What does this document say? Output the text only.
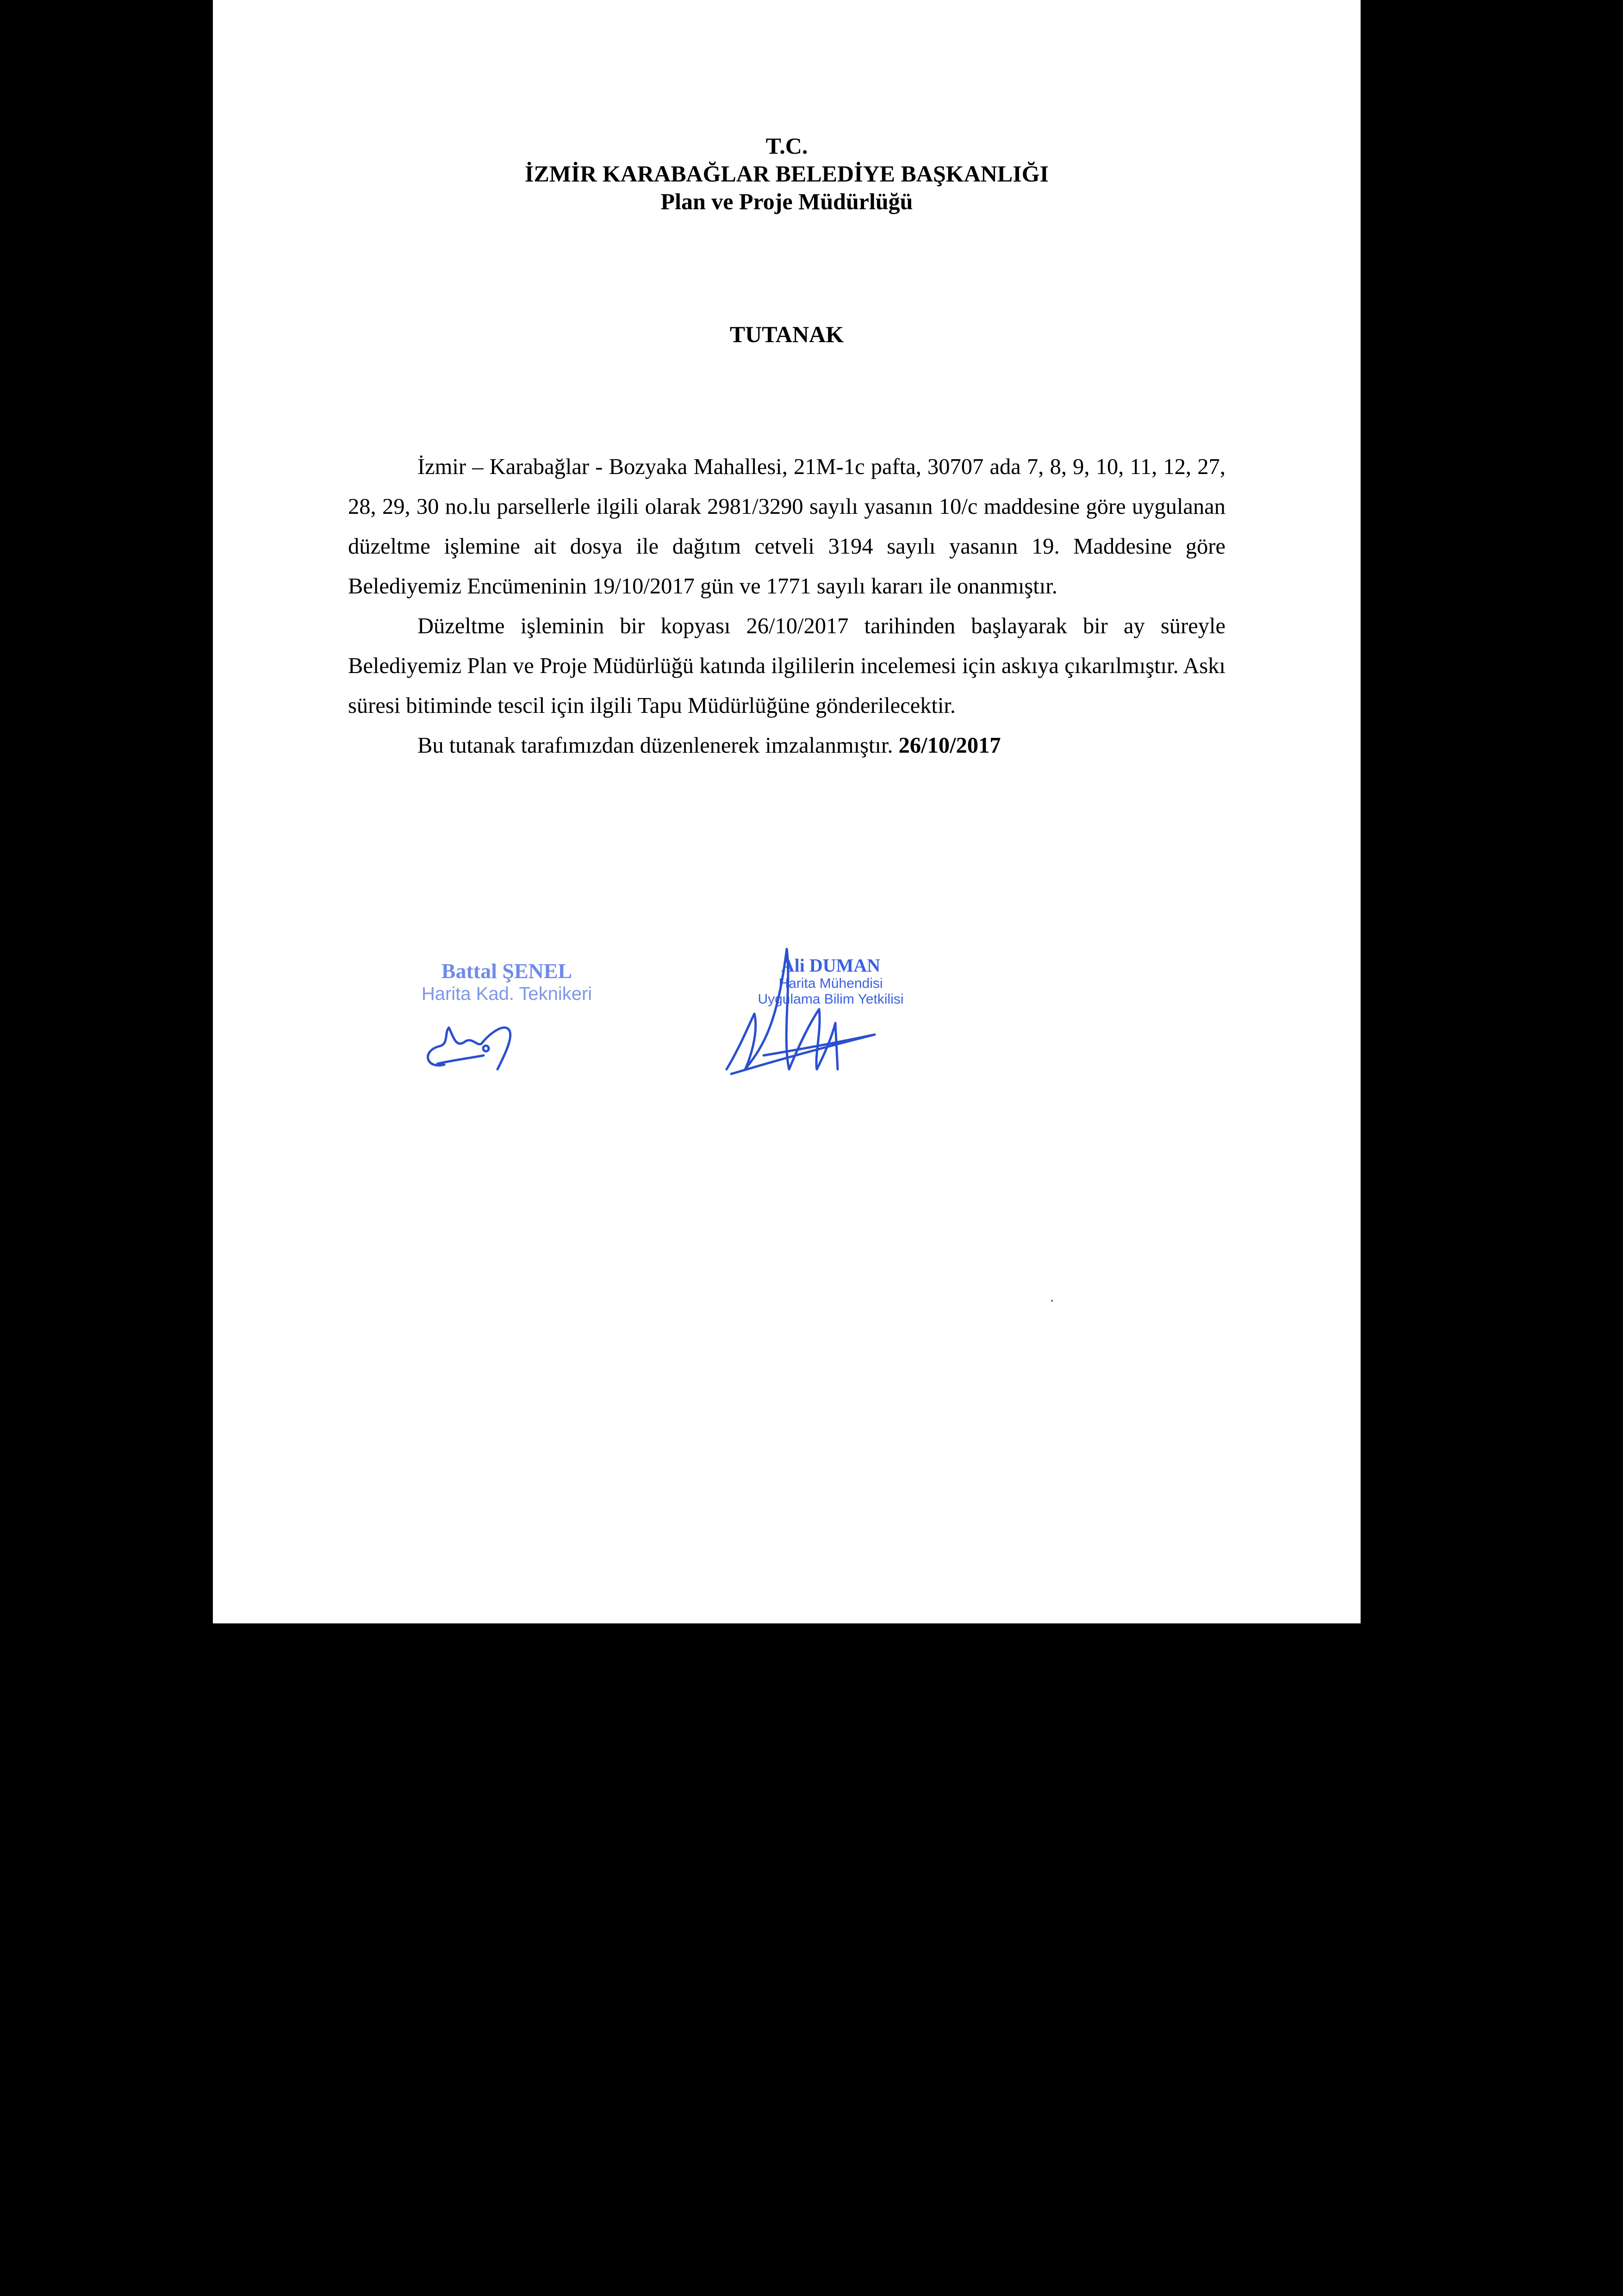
T.C.
İZMİR KARABAĞLAR BELEDİYE BAŞKANLIĞI
Plan ve Proje Müdürlüğü
TUTANAK

İzmir – Karabağlar - Bozyaka Mahallesi, 21M-1c pafta, 30707 ada 7, 8, 9, 10, 11, 12, 27, 28, 29, 30 no.lu parsellerle ilgili olarak 2981/3290 sayılı yasanın 10/c maddesine göre uygulanan düzeltme işlemine ait dosya ile dağıtım cetveli 3194 sayılı yasanın 19. Maddesine göre Belediyemiz Encümeninin 19/10/2017 gün ve 1771 sayılı kararı ile onanmıştır.

Düzeltme işleminin bir kopyası 26/10/2017 tarihinden başlayarak bir ay süreyle Belediyemiz Plan ve Proje Müdürlüğü katında ilgililerin incelemesi için askıya çıkarılmıştır. Askı süresi bitiminde tescil için ilgili Tapu Müdürlüğüne gönderilecektir.

Bu tutanak tarafımızdan düzenlenerek imzalanmıştır. 26/10/2017

Battal ŞENEL
Harita Kad. Teknikeri
Ali DUMAN
Harita Mühendisi
Uygulama Bilim Yetkilisi
